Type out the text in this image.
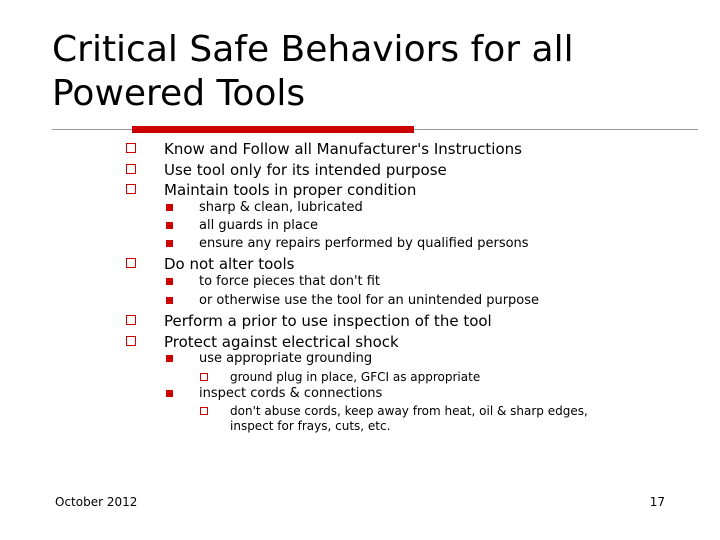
Critical Safe Behaviors for all Powered Tools
Know and Follow all Manufacturer's Instructions
Use tool only for its intended purpose
Maintain tools in proper condition
sharp & clean, lubricated
all guards in place
ensure any repairs performed by qualified persons
Do not alter tools
to force pieces that don't fit
or otherwise use the tool for an unintended purpose
Perform a prior to use inspection of the tool
Protect against electrical shock
use appropriate grounding
ground plug in place, GFCI as appropriate
inspect cords & connections
don't abuse cords, keep away from heat, oil & sharp edges,
inspect for frays, cuts, etc.
October 2012	17
